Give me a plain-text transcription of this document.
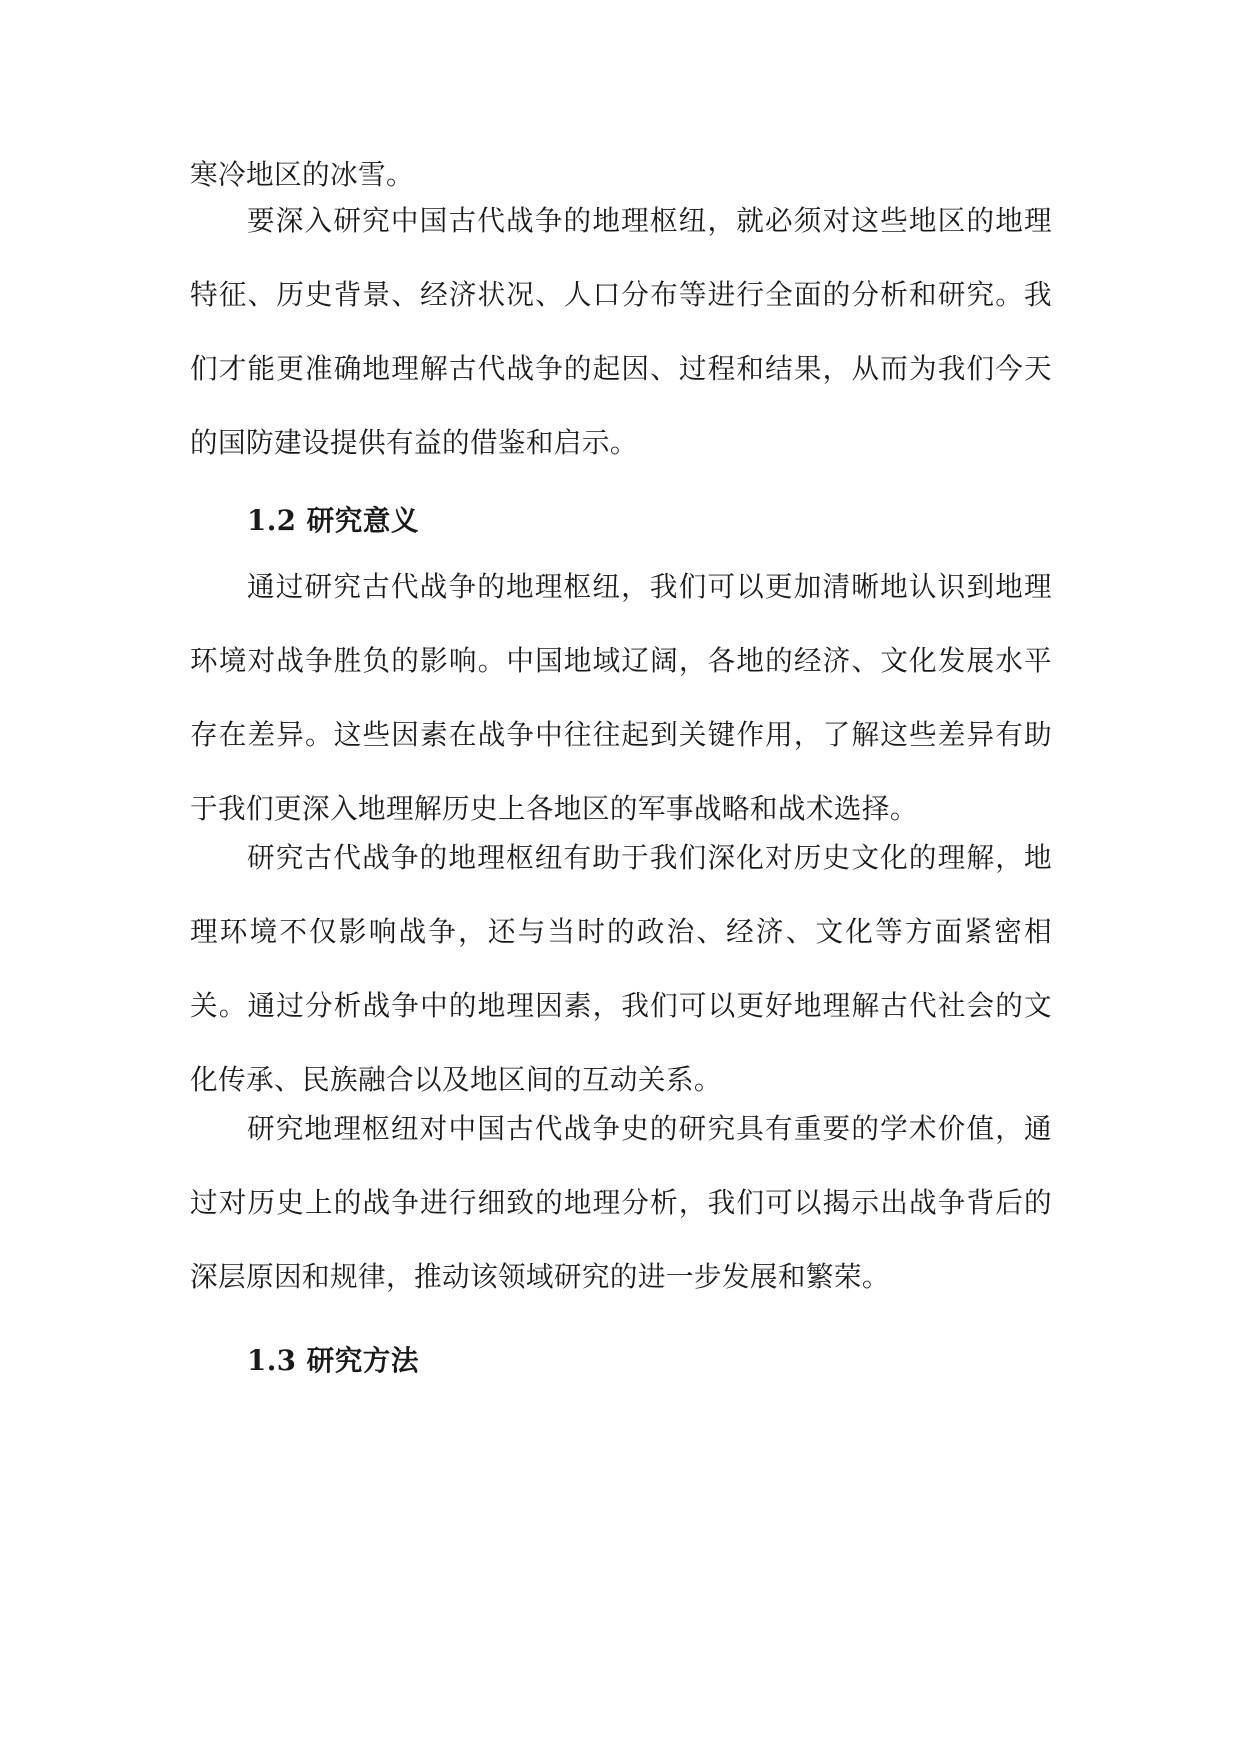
寒冷地区的冰雪。

要深入研究中国古代战争的地理枢纽，就必须对这些地区的地理特征、历史背景、经济状况、人口分布等进行全面的分析和研究。我们才能更准确地理解古代战争的起因、过程和结果，从而为我们今天的国防建设提供有益的借鉴和启示。

1.2 研究意义

通过研究古代战争的地理枢纽，我们可以更加清晰地认识到地理环境对战争胜负的影响。中国地域辽阔，各地的经济、文化发展水平存在差异。这些因素在战争中往往起到关键作用，了解这些差异有助于我们更深入地理解历史上各地区的军事战略和战术选择。

研究古代战争的地理枢纽有助于我们深化对历史文化的理解，地理环境不仅影响战争，还与当时的政治、经济、文化等方面紧密相关。通过分析战争中的地理因素，我们可以更好地理解古代社会的文化传承、民族融合以及地区间的互动关系。

研究地理枢纽对中国古代战争史的研究具有重要的学术价值，通过对历史上的战争进行细致的地理分析，我们可以揭示出战争背后的深层原因和规律，推动该领域研究的进一步发展和繁荣。

1.3 研究方法
